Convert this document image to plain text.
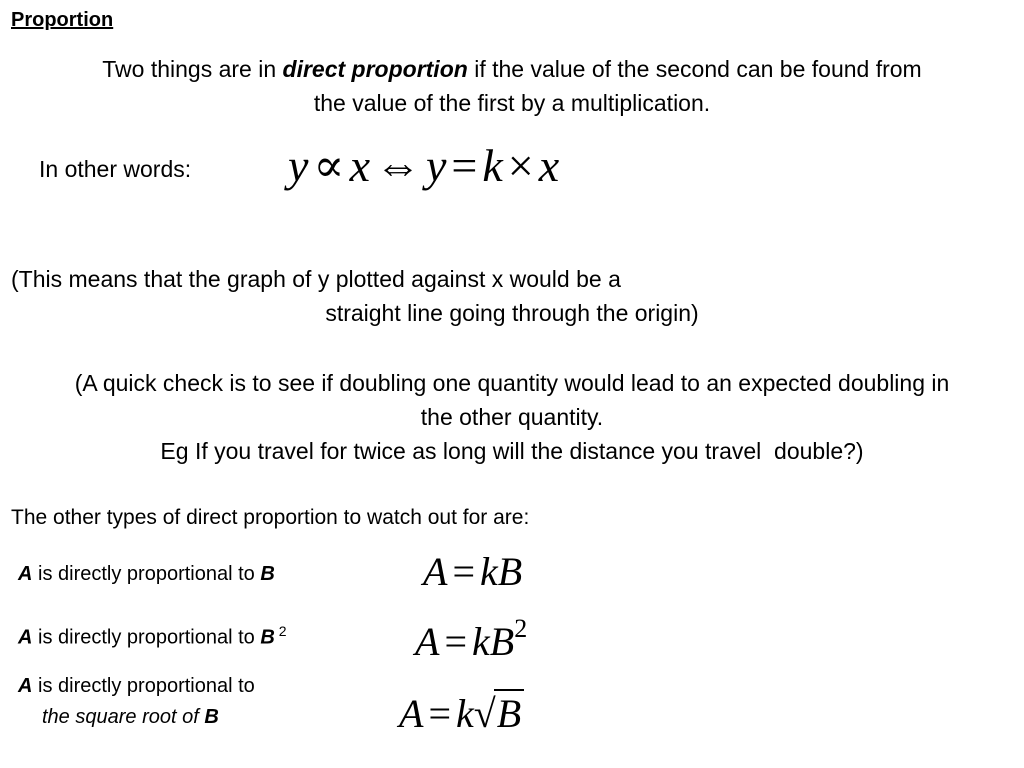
Proportion
Two things are in direct proportion if the value of the second can be found from
the value of the first by a multiplication.
In other words: y ∝ x ⇔ y = k × x
(This means that the graph of y plotted against x would be a
straight line going through the origin)
(A quick check is to see if doubling one quantity would lead to an expected doubling in
the other quantity.
Eg If you travel for twice as long will the distance you travel  double?)
The other types of direct proportion to watch out for are:
A is directly proportional to B	A = kB
A is directly proportional to B $^2$	$A = kB^2$
A is directly proportional to
the square root of B	A = k√B
